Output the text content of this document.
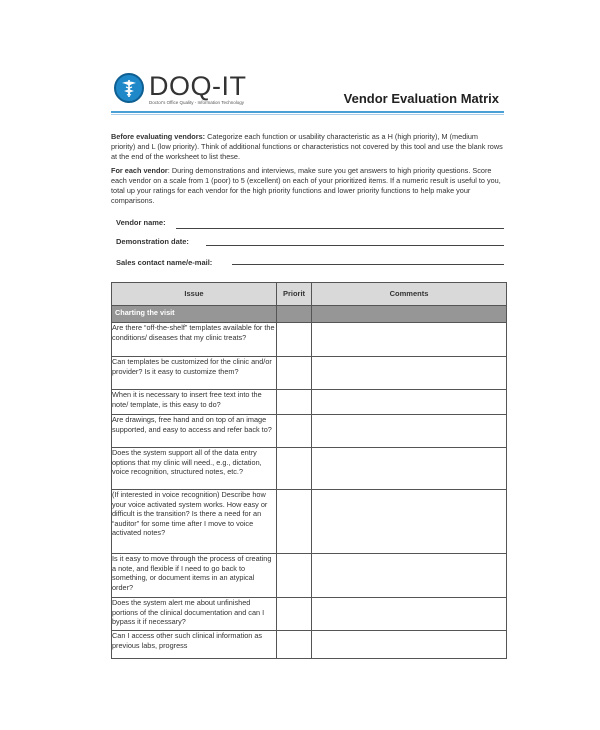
DOQ-IT
Doctor's Office Quality - Information Technology	Vendor Evaluation Matrix
Before evaluating vendors: Categorize each function or usability characteristic as a H (high priority), M (medium priority) and L (low priority). Think of additional functions or characteristics not covered by this tool and use the blank rows at the end of the worksheet to list these.
For each vendor: During demonstrations and interviews, make sure you get answers to high priority questions. Score each vendor on a scale from 1 (poor) to 5 (excellent) on each of your prioritized items. If a numeric result is useful to you, total up your ratings for each vendor for the high priority functions and lower priority functions to help make your comparisons.
Vendor name:
Demonstration date:
Sales contact name/e-mail:
Issue	Priorit	Comments
Charting the visit		
Are there “off-the-shelf” templates available for the conditions/ diseases that my clinic treats?		
Can templates be customized for the clinic and/or provider? Is it easy to customize them?		
When it is necessary to insert free text into the note/ template, is this easy to do?		
Are drawings, free hand and on top of an image supported, and easy to access and refer back to?		
Does the system support all of the data entry options that my clinic will need., e.g., dictation, voice recognition, structured notes, etc.?		
(If interested in voice recognition) Describe how your voice activated system works. How easy or difficult is the transition? Is there a need for an “auditor” for some time after I move to voice activated notes?		
Is it easy to move through the process of creating a note, and flexible if I need to go back to something, or document items in an atypical order?		
Does the system alert me about unfinished portions of the clinical documentation and can I bypass it if necessary?		
Can I access other such clinical information as previous labs, progress		
